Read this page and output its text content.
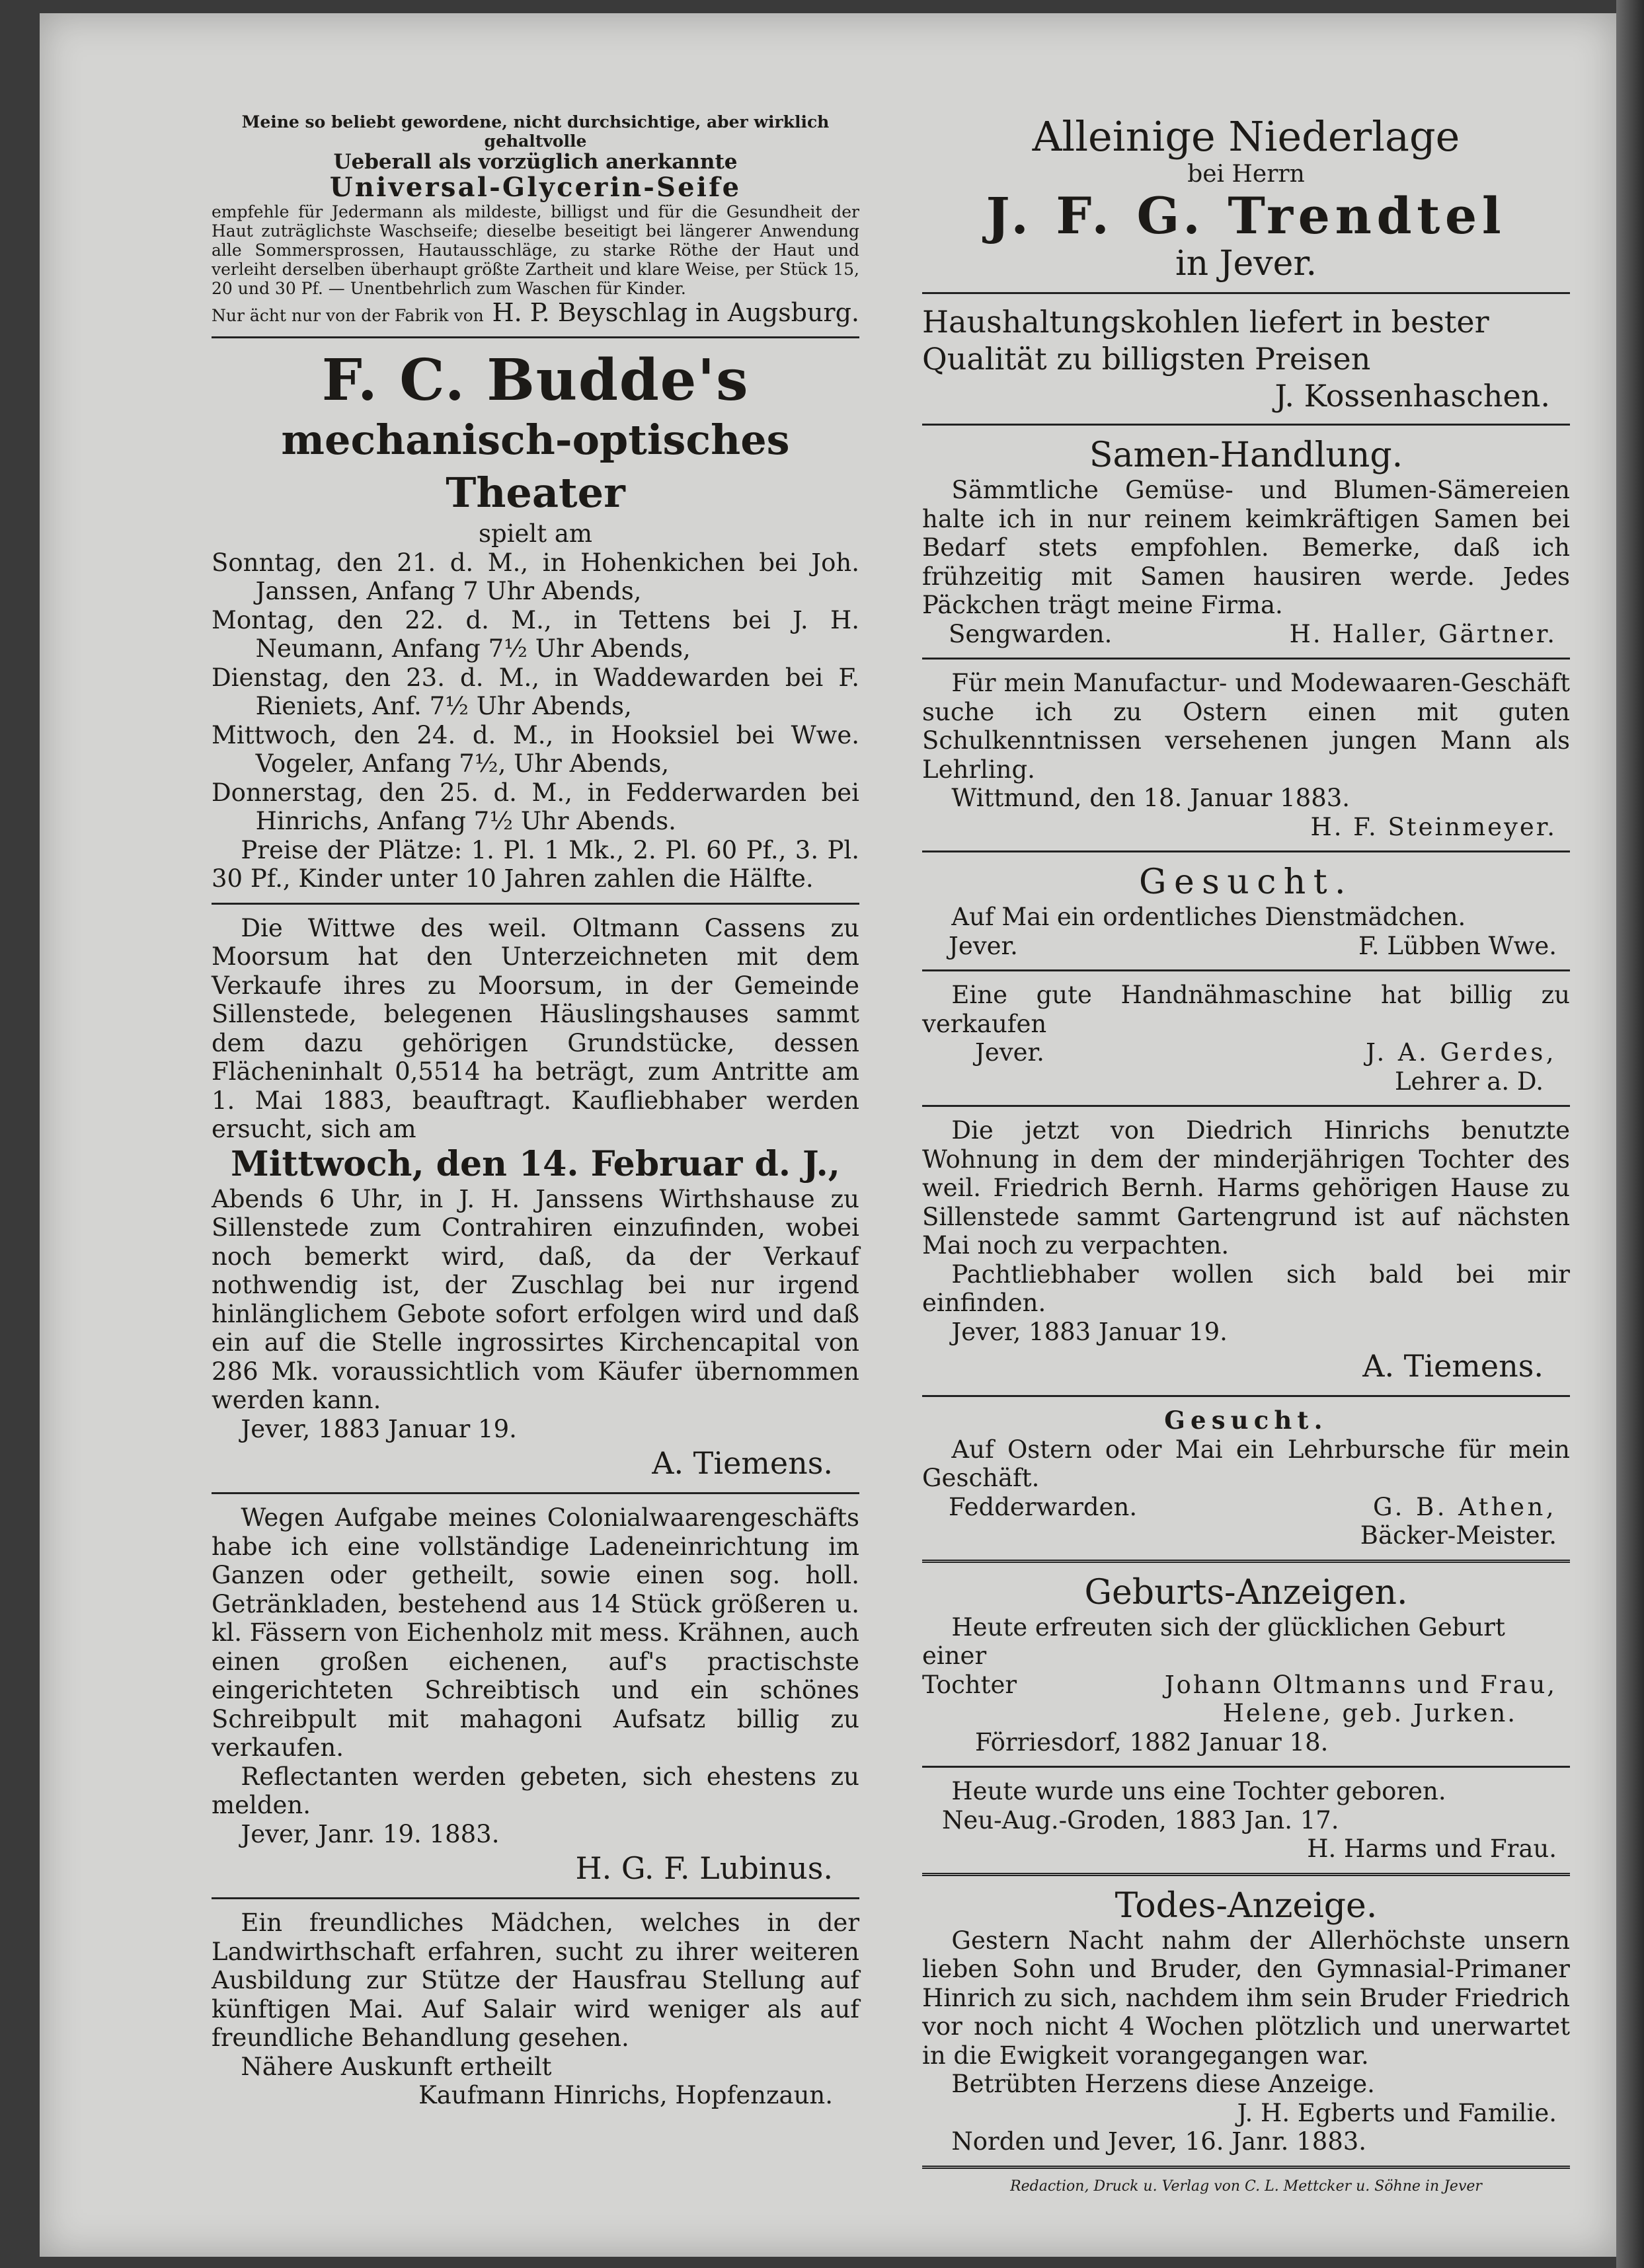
Meine so beliebt gewordene, nicht durchsichtige, aber wirklich gehaltvolle
Ueberall als vorzüglich anerkannte
Universal-Glycerin-Seife

empfehle für Jedermann als mildeste, billigst und für die Gesundheit der Haut zuträglichste Waschseife; dieselbe beseitigt bei längerer Anwendung alle Sommersprossen, Hautausschläge, zu starke Röthe der Haut und verleiht derselben überhaupt größte Zartheit und klare Weise, per Stück 15, 20 und 30 Pf. — Unentbehrlich zum Waschen für Kinder.

Nur ächt nur von der Fabrik von H. P. Beyschlag in Augsburg.
F. C. Budde's
mechanisch-optisches Theater
spielt am

Sonntag, den 21. d. M., in Hohenkichen bei Joh. Janssen, Anfang 7 Uhr Abends,

Montag, den 22. d. M., in Tettens bei J. H. Neumann, Anfang 7½ Uhr Abends,

Dienstag, den 23. d. M., in Waddewarden bei F. Rieniets, Anf. 7½ Uhr Abends,

Mittwoch, den 24. d. M., in Hooksiel bei Wwe. Vogeler, Anfang 7½, Uhr Abends,

Donnerstag, den 25. d. M., in Fedderwarden bei Hinrichs, Anfang 7½ Uhr Abends.

Preise der Plätze: 1. Pl. 1 Mk., 2. Pl. 60 Pf., 3. Pl. 30 Pf., Kinder unter 10 Jahren zahlen die Hälfte.

Die Wittwe des weil. Oltmann Cassens zu Moorsum hat den Unterzeichneten mit dem Verkaufe ihres zu Moorsum, in der Gemeinde Sillenstede, belegenen Häuslingshauses sammt dem dazu gehörigen Grundstücke, dessen Flächeninhalt 0,5514 ha beträgt, zum Antritte am 1. Mai 1883, beauftragt. Kaufliebhaber werden ersucht, sich am

Mittwoch, den 14. Februar d. J.,

Abends 6 Uhr, in J. H. Janssens Wirthshause zu Sillenstede zum Contrahiren einzufinden, wobei noch bemerkt wird, daß, da der Verkauf nothwendig ist, der Zuschlag bei nur irgend hinlänglichem Gebote sofort erfolgen wird und daß ein auf die Stelle ingrossirtes Kirchencapital von 286 Mk. voraussichtlich vom Käufer übernommen werden kann.

Jever, 1883 Januar 19.
A. Tiemens.

Wegen Aufgabe meines Colonialwaarengeschäfts habe ich eine vollständige Ladeneinrichtung im Ganzen oder getheilt, sowie einen sog. holl. Getränkladen, bestehend aus 14 Stück größeren u. kl. Fässern von Eichenholz mit mess. Krähnen, auch einen großen eichenen, auf's practischste eingerichteten Schreibtisch und ein schönes Schreibpult mit mahagoni Aufsatz billig zu verkaufen.

Reflectanten werden gebeten, sich ehestens zu melden.

Jever, Janr. 19. 1883.
H. G. F. Lubinus.

Ein freundliches Mädchen, welches in der Landwirthschaft erfahren, sucht zu ihrer weiteren Ausbildung zur Stütze der Hausfrau Stellung auf künftigen Mai. Auf Salair wird weniger als auf freundliche Behandlung gesehen.

Nähere Auskunft ertheilt
Kaufmann Hinrichs, Hopfenzaun.
Alleinige Niederlage
bei Herrn
J. F. G. Trendtel
in Jever.

Haushaltungskohlen liefert in bester Qualität zu billigsten Preisen

J. Kossenhaschen.
Samen-Handlung.

Sämmtliche Gemüse- und Blumen-Sämereien halte ich in nur reinem keimkräftigen Samen bei Bedarf stets empfohlen. Bemerke, daß ich frühzeitig mit Samen hausiren werde. Jedes Päckchen trägt meine Firma.

Sengwarden.	H. Haller, Gärtner.

Für mein Manufactur- und Modewaaren-Geschäft suche ich zu Ostern einen mit guten Schulkenntnissen versehenen jungen Mann als Lehrling.

Wittmund, den 18. Januar 1883.
H. F. Steinmeyer.
Gesucht.
Auf Mai ein ordentliches Dienstmädchen.
Jever.	F. Lübben Wwe.

Eine gute Handnähmaschine hat billig zu verkaufen

Jever.	J. A. Gerdes,
Lehrer a. D.

Die jetzt von Diedrich Hinrichs benutzte Wohnung in dem der minderjährigen Tochter des weil. Friedrich Bernh. Harms gehörigen Hause zu Sillenstede sammt Gartengrund ist auf nächsten Mai noch zu verpachten.

Pachtliebhaber wollen sich bald bei mir einfinden.

Jever, 1883 Januar 19.
A. Tiemens.
Gesucht.

Auf Ostern oder Mai ein Lehrbursche für mein Geschäft.

Fedderwarden.	G. B. Athen,
Bäcker-Meister.
Geburts-Anzeigen.
Heute erfreuten sich der glücklichen Geburt einer
Tochter	Johann Oltmanns und Frau,
Helene, geb. Jurken.
Förriesdorf, 1882 Januar 18.
Heute wurde uns eine Tochter geboren.
Neu-Aug.-Groden, 1883 Jan. 17.
H. Harms und Frau.
Todes-Anzeige.

Gestern Nacht nahm der Allerhöchste unsern lieben Sohn und Bruder, den Gymnasial-Primaner Hinrich zu sich, nachdem ihm sein Bruder Friedrich vor noch nicht 4 Wochen plötzlich und unerwartet in die Ewigkeit vorangegangen war.

Betrübten Herzens diese Anzeige.
J. H. Egberts und Familie.
Norden und Jever, 16. Janr. 1883.
Redaction, Druck u. Verlag von C. L. Mettcker u. Söhne in Jever
